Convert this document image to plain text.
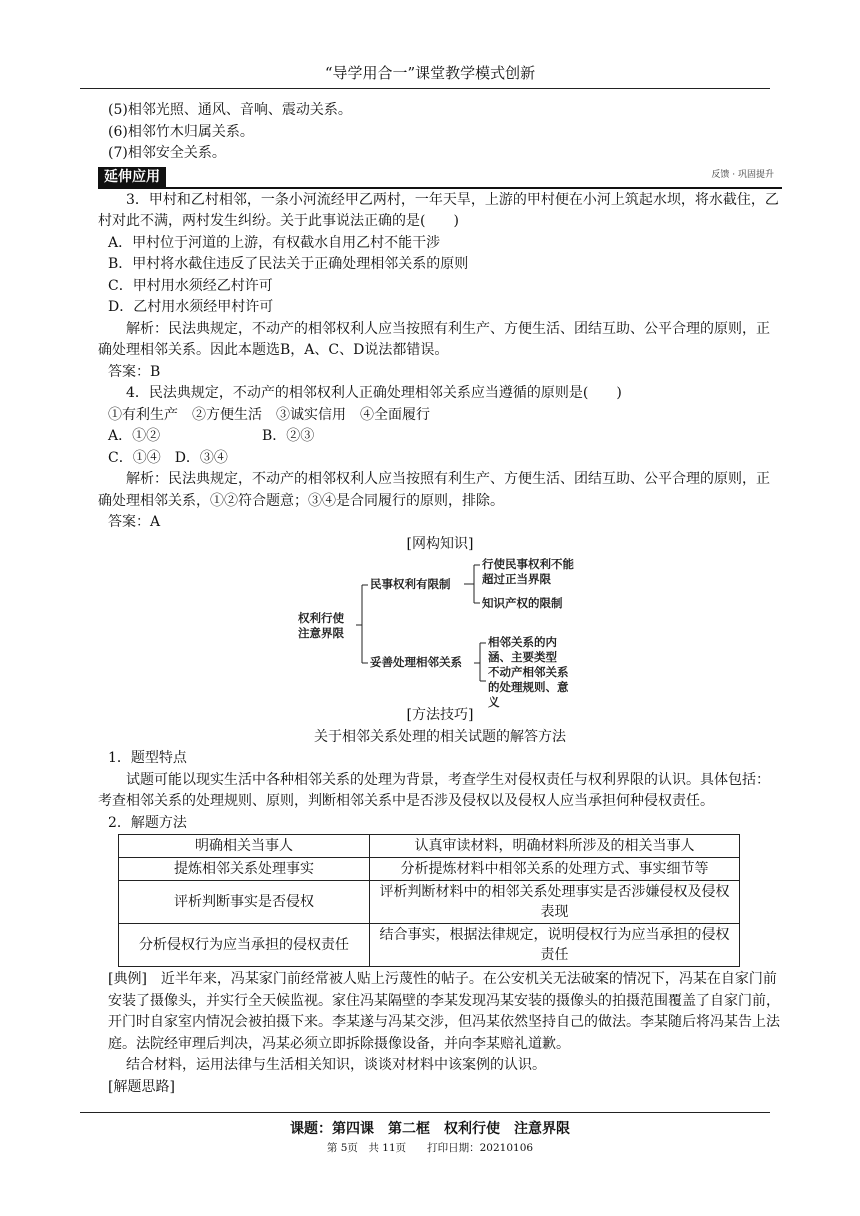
“导学用合一”课堂教学模式创新

(5)相邻光照、通风、音响、震动关系。

(6)相邻竹木归属关系。

(7)相邻安全关系。

延伸应用	反馈 · 巩固提升

3．甲村和乙村相邻，一条小河流经甲乙两村，一年天旱，上游的甲村便在小河上筑起水坝，将水截住，乙村对此不满，两村发生纠纷。关于此事说法正确的是(　　)

A．甲村位于河道的上游，有权截水自用乙村不能干涉

B．甲村将水截住违反了民法关于正确处理相邻关系的原则

C．甲村用水须经乙村许可

D．乙村用水须经甲村许可

解析：民法典规定，不动产的相邻权利人应当按照有利生产、方便生活、团结互助、公平合理的原则，正确处理相邻关系。因此本题选B，A、C、D说法都错误。

答案：B

4．民法典规定，不动产的相邻权利人正确处理相邻关系应当遵循的原则是(　　)

①有利生产　②方便生活　③诚实信用　④全面履行

A．①②	B．②③

C．①④　D．③④

解析：民法典规定，不动产的相邻权利人应当按照有利生产、方便生活、团结互助、公平合理的原则，正确处理相邻关系，①②符合题意；③④是合同履行的原则，排除。

答案：A

[网构知识]

权利行使注意界限
民事权利有限制
行使民事权利不能超过正当界限
知识产权的限制
妥善处理相邻关系
相邻关系的内涵、主要类型
不动产相邻关系的处理规则、意义

[方法技巧]

关于相邻关系处理的相关试题的解答方法

1．题型特点

试题可能以现实生活中各种相邻关系的处理为背景，考查学生对侵权责任与权利界限的认识。具体包括：考查相邻关系的处理规则、原则，判断相邻关系中是否涉及侵权以及侵权人应当承担何种侵权责任。

2．解题方法

明确相关当事人	认真审读材料，明确材料所涉及的相关当事人
提炼相邻关系处理事实	分析提炼材料中相邻关系的处理方式、事实细节等
评析判断事实是否侵权	评析判断材料中的相邻关系处理事实是否涉嫌侵权及侵权表现
分析侵权行为应当承担的侵权责任	结合事实，根据法律规定，说明侵权行为应当承担的侵权责任

[典例]　近半年来，冯某家门前经常被人贴上污蔑性的帖子。在公安机关无法破案的情况下，冯某在自家门前安装了摄像头，并实行全天候监视。家住冯某隔壁的李某发现冯某安装的摄像头的拍摄范围覆盖了自家门前，开门时自家室内情况会被拍摄下来。李某遂与冯某交涉，但冯某依然坚持自己的做法。李某随后将冯某告上法庭。法院经审理后判决，冯某必须立即拆除摄像设备，并向李某赔礼道歉。

结合材料，运用法律与生活相关知识，谈谈对材料中该案例的认识。

[解题思路]

课题：第四课　第二框　权利行使　注意界限
第 5页　共 11页　　打印日期：20210106
